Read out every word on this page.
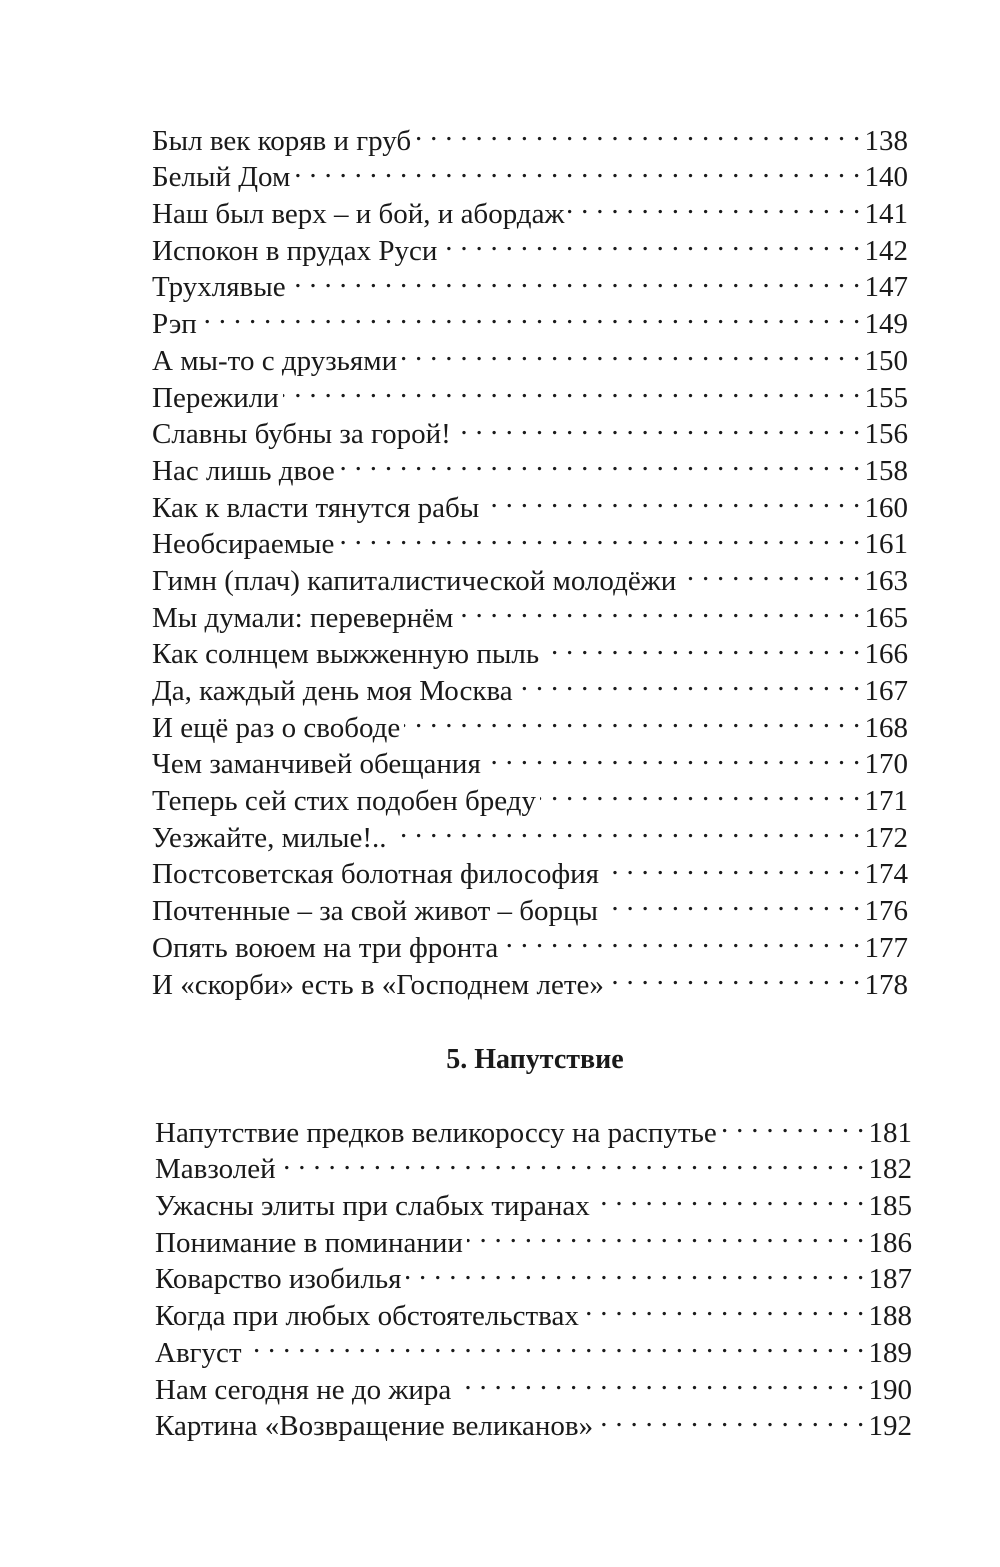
Был век коряв и груб . . .	138
Белый Дом . . .	140
Наш был верх – и бой, и абордаж . . .	141
Испокон в прудах Руси . . .	142
Трухлявые . . .	147
Рэп . . .	149
А мы-то с друзьями . . .	150
Пережили . . .	155
Славны бубны за горой! . . .	156
Нас лишь двое . . .	158
Как к власти тянутся рабы . . .	160
Необсираемые . . .	161
Гимн (плач) капиталистической молодёжи . . .	163
Мы думали: перевернём . . .	165
Как солнцем выжженную пыль . . .	166
Да, каждый день моя Москва . . .	167
И ещё раз о свободе . . .	168
Чем заманчивей обещания . . .	170
Теперь сей стих подобен бреду . . .	171
Уезжайте, милые!.. . . .	172
Постсоветская болотная философия . . .	174
Почтенные – за свой живот – борцы . . .	176
Опять воюем на три фронта . . .	177
И «скорби» есть в «Господнем лете» . . .	178
5. Напутствие
Напутствие предков великороссу на распутье . . .	181
Мавзолей . . .	182
Ужасны элиты при слабых тиранах . . .	185
Понимание в поминании . . .	186
Коварство изобилья . . .	187
Когда при любых обстоятельствах . . .	188
Август . . .	189
Нам сегодня не до жира . . .	190
Картина «Возвращение великанов» . . .	192
